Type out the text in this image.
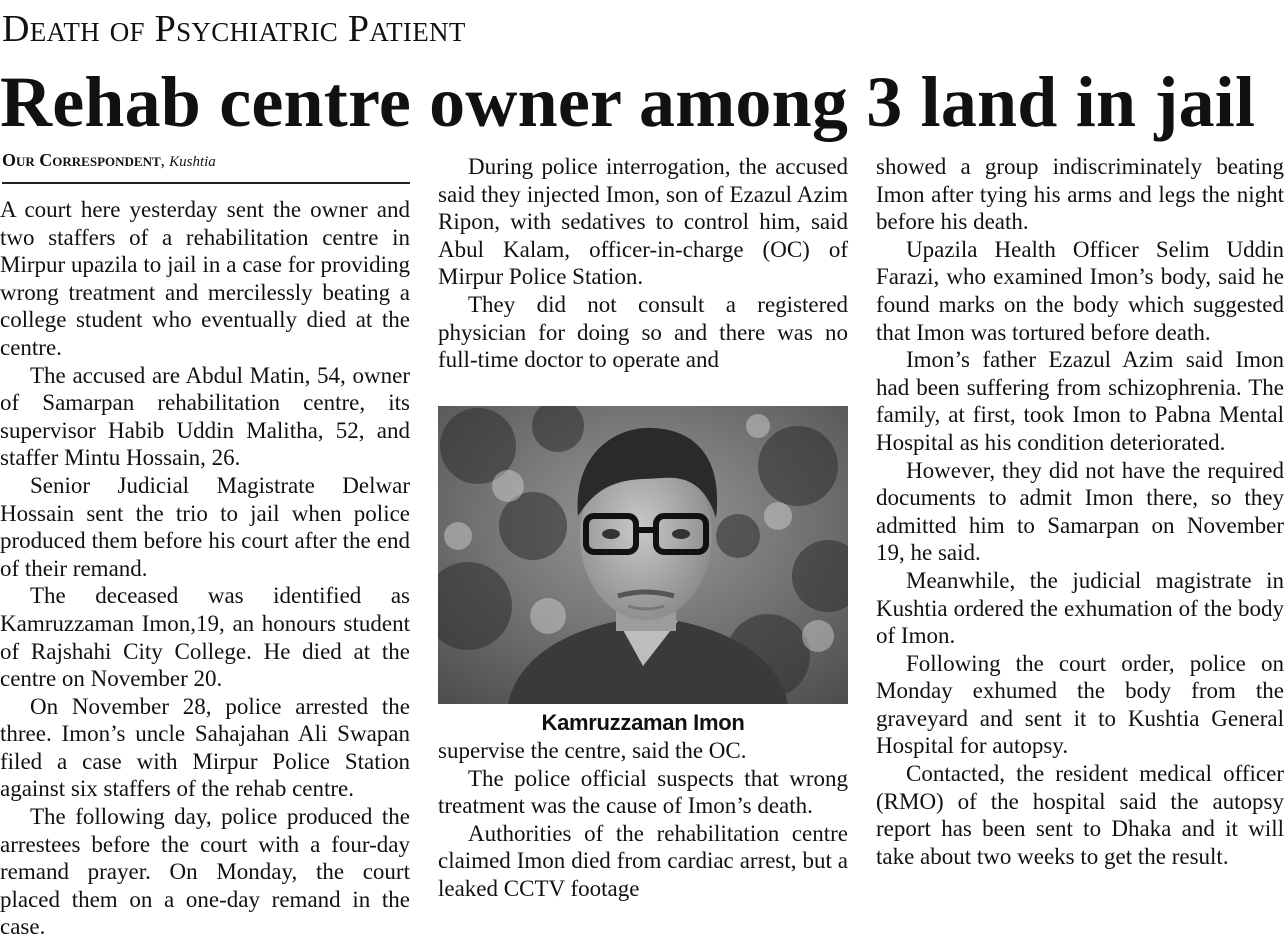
Death of Psychiatric Patient
Rehab centre owner among 3 land in jail
Our Correspondent, Kushtia

A court here yesterday sent the owner and two staffers of a rehabilitation centre in Mirpur upazila to jail in a case for providing wrong treatment and mercilessly beating a college student who eventually died at the centre.

The accused are Abdul Matin, 54, owner of Samarpan rehabilitation centre, its supervisor Habib Uddin Malitha, 52, and staffer Mintu Hossain, 26.

Senior Judicial Magistrate Delwar Hossain sent the trio to jail when police produced them before his court after the end of their remand.

The deceased was identified as Kamruzzaman Imon,19, an honours student of Rajshahi City College. He died at the centre on November 20.

On November 28, police arrested the three. Imon’s uncle Sahajahan Ali Swapan filed a case with Mirpur Police Station against six staffers of the rehab centre.

The following day, police produced the arrestees before the court with a four-day remand prayer. On Monday, the court placed them on a one-day remand in the case.

During police interrogation, the accused said they injected Imon, son of Ezazul Azim Ripon, with sedatives to control him, said Abul Kalam, officer-in-charge (OC) of Mirpur Police Station.

They did not consult a registered physician for doing so and there was no full-time doctor to operate and

Kamruzzaman Imon

supervise the centre, said the OC.

The police official suspects that wrong treatment was the cause of Imon’s death.

Authorities of the rehabilitation centre claimed Imon died from cardiac arrest, but a leaked CCTV footage

showed a group indiscriminately beating Imon after tying his arms and legs the night before his death.

Upazila Health Officer Selim Uddin Farazi, who examined Imon’s body, said he found marks on the body which suggested that Imon was tortured before death.

Imon’s father Ezazul Azim said Imon had been suffering from schizophrenia. The family, at first, took Imon to Pabna Mental Hospital as his condition deteriorated.

However, they did not have the required documents to admit Imon there, so they admitted him to Samarpan on November 19, he said.

Meanwhile, the judicial magistrate in Kushtia ordered the exhumation of the body of Imon.

Following the court order, police on Monday exhumed the body from the graveyard and sent it to Kushtia General Hospital for autopsy.

Contacted, the resident medical officer (RMO) of the hospital said the autopsy report has been sent to Dhaka and it will take about two weeks to get the result.
